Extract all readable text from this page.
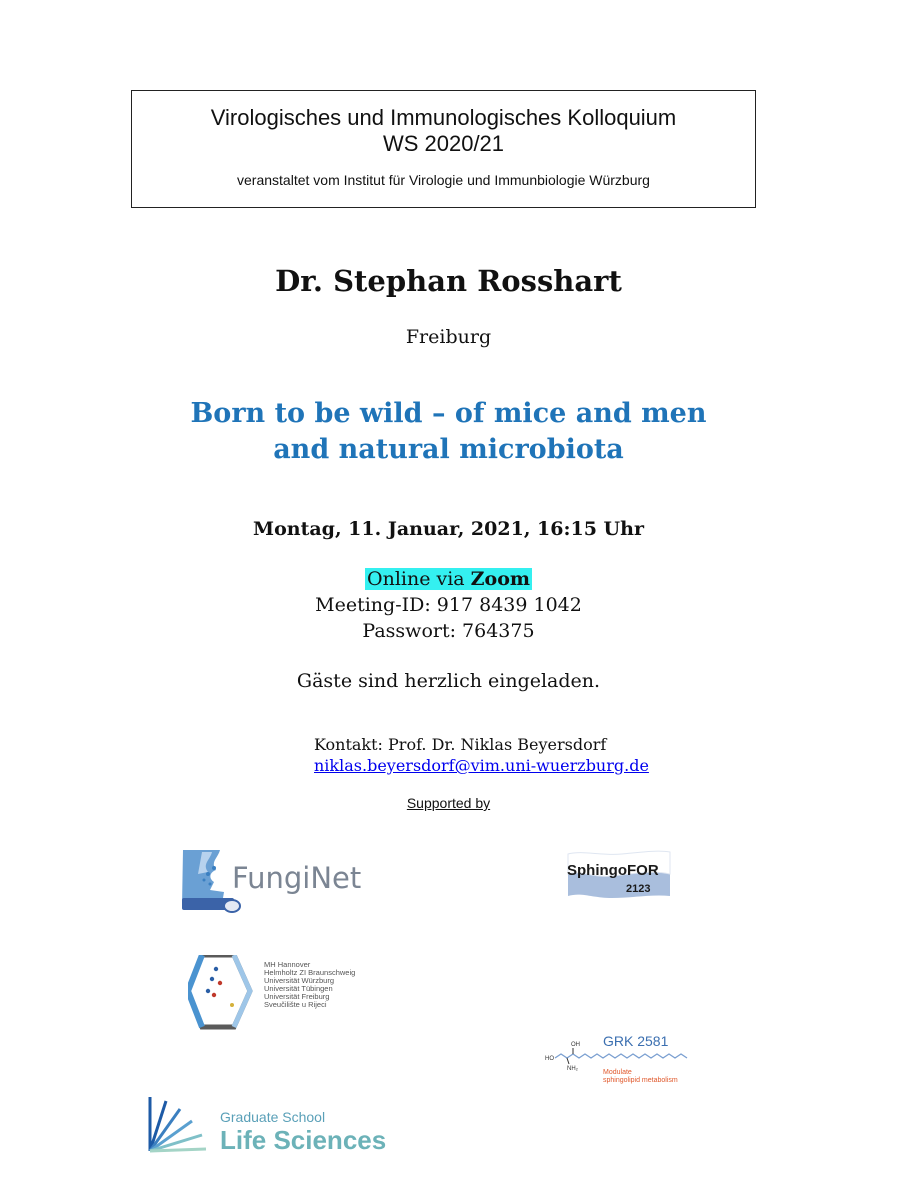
Virologisches und Immunologisches Kolloquium
WS 2020/21
veranstaltet vom Institut für Virologie und Immunbiologie Würzburg
Dr. Stephan Rosshart
Freiburg
Born to be wild – of mice and men
and natural microbiota
Montag, 11. Januar, 2021, 16:15 Uhr
Online via Zoom
Meeting-ID: 917 8439 1042
Passwort: 764375
Gäste sind herzlich eingeladen.
Kontakt: Prof. Dr. Niklas Beyersdorf
niklas.beyersdorf@vim.uni-wuerzburg.de
Supported by
FungiNet	SphingoFOR
2123
MH Hannover
Helmholtz ZI Braunschweig
Universität Würzburg
Universität Tübingen
Universität Freiburg
Sveučilište u Rijeci
GRK 2581
HO
OH
NH₂	Modulate
sphingolipid metabolism
Graduate School
Life Sciences
